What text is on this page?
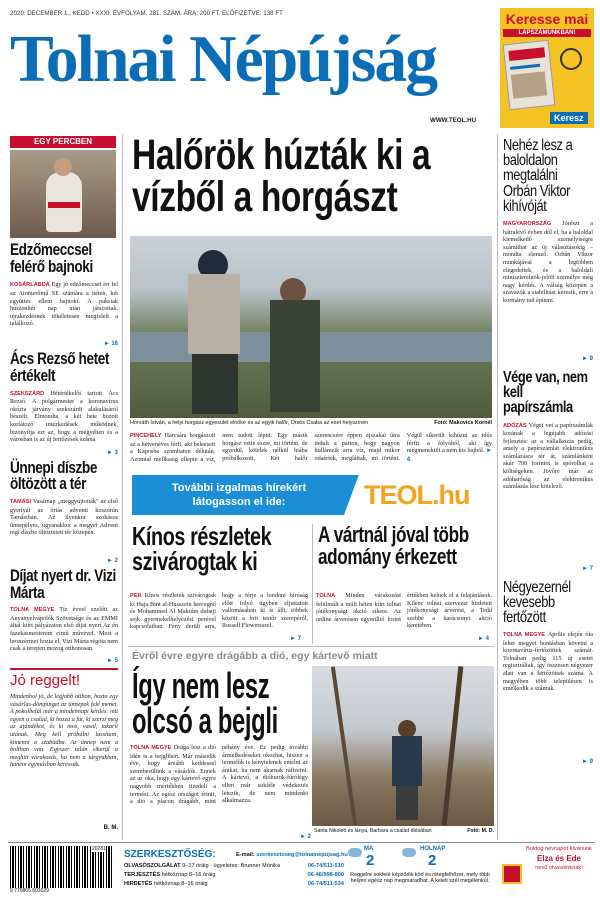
2020. DECEMBER 1., KEDD • XXXI. ÉVFOLYAM, 281. SZÁM. ÁRA: 200 FT. ELŐFIZETVE: 138 FT
Tolnai Népújság
WWW.TEOL.HU
Keresse mai
LAPSZÁMUNKBAN!
Keresz
EGY PERCBEN
Edzőmeccsel felérő bajnoki
KOSÁRLABDA Egy jó edzőmeccset ért fel az Atomerőmű SE számára a héten, két együttes elleni bajnoki. A paksiak huszonhét nap után játszottak, újrakezdésnek tökéletesen megfelelt a találkozó.
► 16
Ács Rezső hetet értékelt
SZEKSZÁRD Hétértékelőt tartott Ács Rezső. A polgármester a koronavírus okozta járvány szekszárdi alakulásáról beszélt. Elmondta, a két hete hozott korlátozó intézkedések működnek, bizonyítja ezt az, hogy a megyében és a városban is az új fertőzések száma
► 3
Ünnepi díszbe öltözött a tér
TAMÁSI Vasárnap „meggyújtották" az első gyertyát az óriás adventi koszorún Tamásiban. Az ilyenkor szokásos ünnepélyes, ugyanakkor a megyei Advent régi díszbe öltöztetett tér közepén.
► 2
Díjat nyert dr. Vizi Márta
TOLNA MEGYE Tíz évvel ezelőtt az Anyanyelvápolók Szövetsége és az EMMI által kiírt pályázaton első díjat nyert Az én fazekasmesterem című művével. Most a bronzérmet hozta el, Vizi Márta régóta nem csak a terepen mozog otthonosan.
► 5
Jó reggelt!
Mindenhol jó, de legjobb otthon, hozta egy vásárlás-dömpinget az ünnepek felé menet. A pokolbelül már a mindennapi kérdés: mit egyen a család, ki hozza a fát, ki szerzi meg az ajándékot, és ki mos, vasal, takarít utánuk. Meg kell próbálni lassítani, kimenni a szabadba. Az ünnep nem a boltban van. Egyszer talán sikerül a meghitt várakozás, ha nem a tárgyakban, hanem egymásban keressük.
B. M.
Halőrök húzták ki a vízből a horgászt
Horváth István, a helyi horgász egyesület elnöke és az egyik halőr, Orsós Csaba az eset helyszínén	Fotó: Makovics Kornél
PINCEHELY Harcsára horgászott az a hetvenéves férfi, aki beleesett a Kaposba szombaton délután. Azonnal mellkasig ellepte a víz, nem tudott lépni. Egy másik horgász vette észre, mi történt, de egyedül, kötelek nélkül hiába próbálkozott. Két halőr szerencsére éppen éjszakai útra indult a parton, hogy nagyon hullámzik arra víz, majd mikor odaértek, megláttak, mi történt. Végül sikerült kihúzni az idős férfit a folyóból, aki így megmenekült a nem kis bajból. ► 4
További izgalmas hírekért
látogasson el ide:	TEOL.hu
Kínos részletek szivárogtak ki
PER Kínos részletek szivárogtak ki Haja Bint al-Husszein hercegnő és Mohammed Al Maktúm dubaji sejk gyermekelhelyezési perével kapcsolatban. Fény derült arra, hogy a férje a londoni bíróság előtt folyó ügyben eljuttatott vallomásában ki is állt, többek között a brit testőr szerepéről, Russell Flowersszel.
► 7
A vártnál jóval több adomány érkezett
TOLNA Minden várakozást felülmúlt a múlt héten kiírt tolnai jótékonysági akció sikere. Az online árverésen egymillió forint értékben kelnek el a felajánlások. Kilenc tolnai szervezet hirdetett jótékonysági árverést, a Tedd szebbé a karácsonyt akció keretében.
► 4
Évről évre egyre drágább a dió, egy kártevő miatt
Így nem lesz olcsó a bejgli
TOLNA MEGYE Drága lesz a dió idén is a bejgliben. Már második éve, hogy árvább keddessel szembesülünk a vásárlók. Ennek az az oka, hogy egy kártevő egyre nagyobb mértékben tizedeli a termést. Az egész országot érinti, a dió a piacon drágább, mint néhány éve. Ez pedig további ármelkedéseket okozhat, hiszen a termelők is kénytelenek emelni az árakat, ha nem akarnak ráfizetni. A kártevő, a dióburok-fúrólégy ellen már sokféle védekezés létezik, de nem mindenki alkalmazza.
► 2
Sánta Nikolett és lánya, Barbara a család diósában	Fotó: M. D.
Nehéz lesz a baloldalon megtalálni Orbán Viktor kihívóját
MAGYARORSZÁG Jórészt a hátralévő évben dől el, ha a baloldal kiemelkedő személyiségre számíthat az új választásokig – mondta elemző. Orbán Viktor munkájával a legtöbben elégedettek, és a baloldali miniszterelnök-jelölt személye még nagy kérdés. A válság közepén a szavazók a stabilitást keresik, erre a kormány tud építeni.
► 9
Vége van, nem kell papírszámla
ADÓZÁS Véget vet a papírszámlák korának a legújabb adózási fejlesztés: az a vállalkozás pedig, amely a papírszámlát elektronikus számlázásra tér át, számlánként akár 700 forintot is spórolhat a költségeken. Jövőre már az adóhatóság az elektronikus számlázás lesz kötelező.
► 7
Négyezernél kevesebb fertőzött
TOLNA MEGYE Április elején óta lehet megyei bontásban követni a koronavírus-fertőzöttek számát. Tolnában pedig 115 új esetet regisztráltak, így összesen négyezer alatt van a fertőzöttek száma. A megyében több településen is emelkedik a számuk.
► 9
9 770865 603029
20281 SZERKESZTŐSÉG:	E-mail: szerkesztoseg@tolnainepujsag.hu
OLVASÓSZOLGÁLAT 9–17 óráig · ügyeletes: Brunner Mónika	06-74/511-510
TERJESZTÉS hétköznap 8–16 óráig	06-46/998-800
HIRDETÉS hétköznap 8–16 óráig	06-74/511-534
MA
2
HOLNAP
2
Reggelre sokfelé képződik köd és rétegfelhőzet, mely több helyen egész nap megmaradhat. A keleti szél megélénkül.
Boldog névnapot kívánunk
Elza és Ede
nevű olvasóinknak!
